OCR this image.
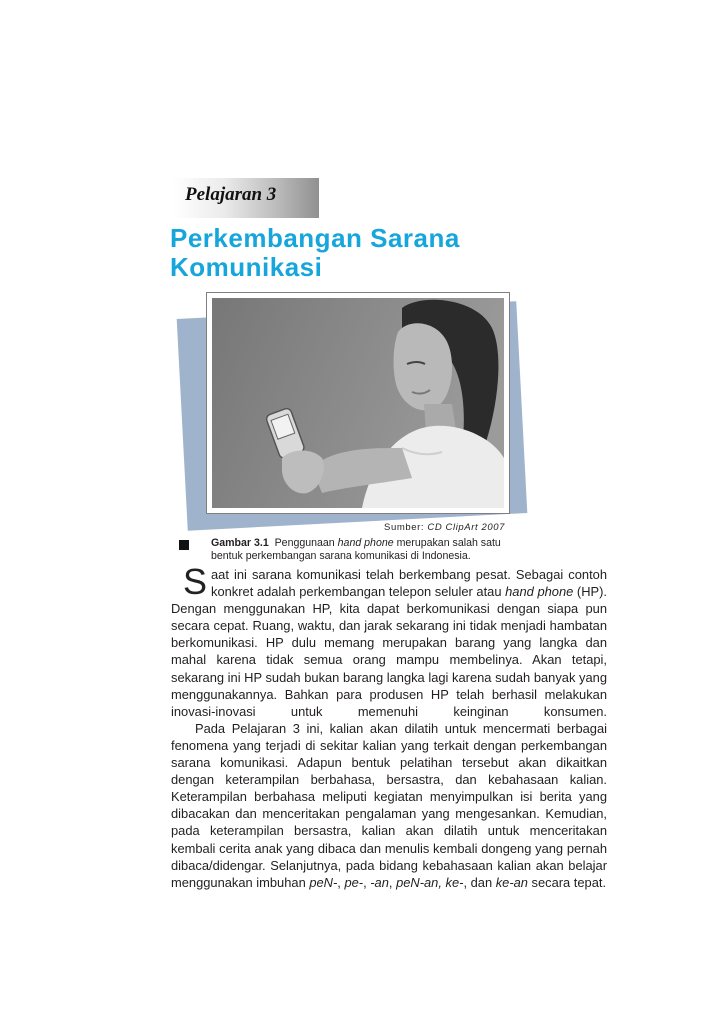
Pelajaran 3
Perkembangan Sarana
Komunikasi
Sumber: CD ClipArt 2007

Gambar 3.1 Penggunaan hand phone merupakan salah satu bentuk perkembangan sarana komunikasi di Indonesia.

Saat ini sarana komunikasi telah berkembang pesat. Sebagai contoh konkret adalah perkembangan telepon seluler atau hand phone (HP). Dengan menggunakan HP, kita dapat berkomunikasi dengan siapa pun secara cepat. Ruang, waktu, dan jarak sekarang ini tidak menjadi hambatan berkomunikasi. HP dulu memang merupakan barang yang langka dan mahal karena tidak semua orang mampu membelinya. Akan tetapi, sekarang ini HP sudah bukan barang langka lagi karena sudah banyak yang menggunakannya. Bahkan para produsen HP telah berhasil melakukan inovasi-inovasi untuk memenuhi keinginan konsumen.

Pada Pelajaran 3 ini, kalian akan dilatih untuk mencermati berbagai fenomena yang terjadi di sekitar kalian yang terkait dengan perkembangan sarana komunikasi. Adapun bentuk pelatihan tersebut akan dikaitkan dengan keterampilan berbahasa, bersastra, dan kebahasaan kalian. Keterampilan berbahasa meliputi kegiatan menyimpulkan isi berita yang dibacakan dan menceritakan pengalaman yang mengesankan. Kemudian, pada keterampilan bersastra, kalian akan dilatih untuk menceritakan kembali cerita anak yang dibaca dan menulis kembali dongeng yang pernah dibaca/didengar. Selanjutnya, pada bidang kebahasaan kalian akan belajar menggunakan imbuhan peN-, pe-, -an, peN-an, ke-, dan ke-an secara tepat.
